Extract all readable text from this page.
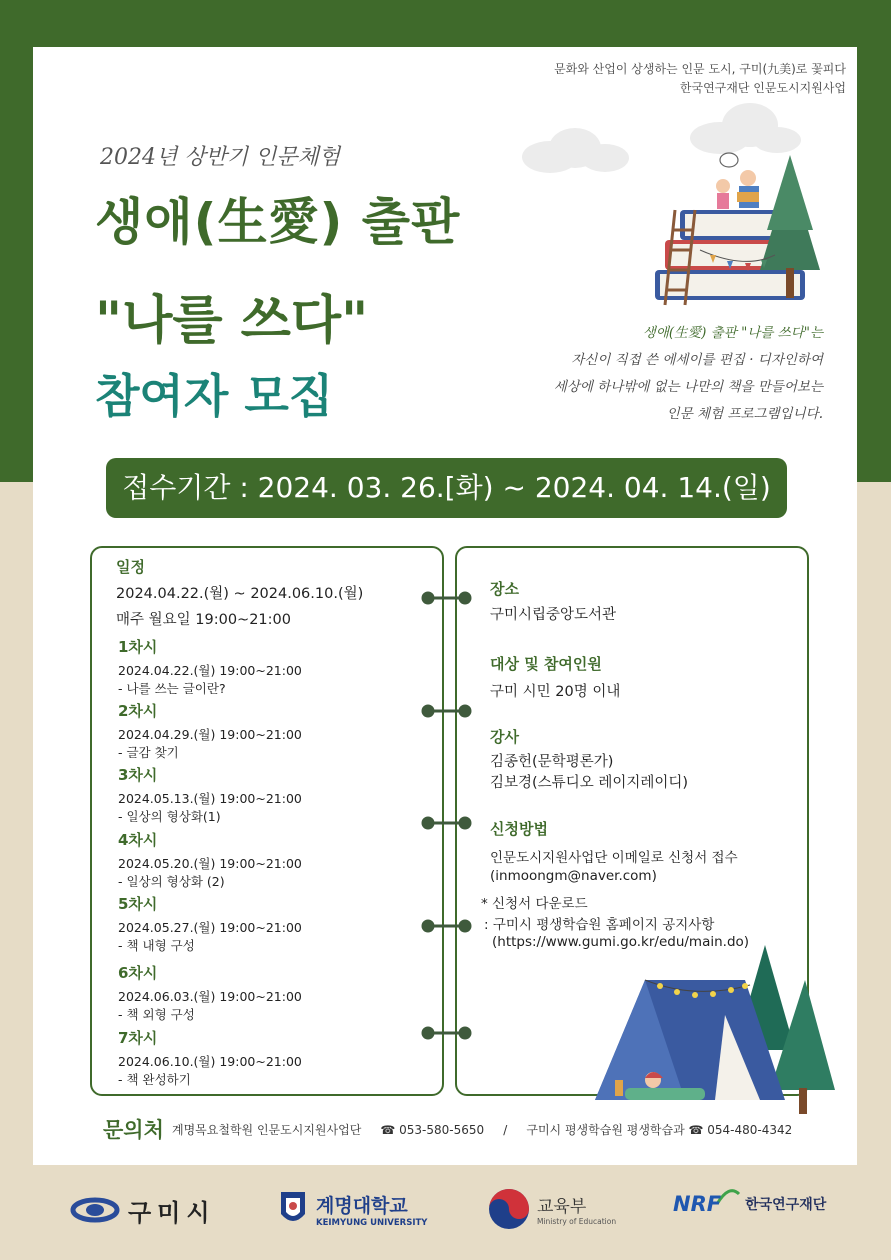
문화와 산업이 상생하는 인문 도시, 구미(九美)로 꽃피다
한국연구재단 인문도시지원사업
2024년 상반기 인문체험
생애(生愛) 출판
"나를 쓰다"
참여자 모집
생애(生愛) 출판 "나를 쓰다"는
자신이 직접 쓴 에세이를 편집 · 디자인하여
세상에 하나밖에 없는 나만의 책을 만들어보는
인문 체험 프로그램입니다.
접수기간 : 2024. 03. 26.[화) ~ 2024. 04. 14.(일)
일정
2024.04.22.(월) ~ 2024.06.10.(월)
매주 월요일 19:00~21:00
1차시
2024.04.22.(월) 19:00~21:00
- 나를 쓰는 글이란?
2차시
2024.04.29.(월) 19:00~21:00
- 글감 찾기
3차시
2024.05.13.(월) 19:00~21:00
- 일상의 형상화(1)
4차시
2024.05.20.(월) 19:00~21:00
- 일상의 형상화 (2)
5차시
2024.05.27.(월) 19:00~21:00
- 책 내형 구성
6차시
2024.06.03.(월) 19:00~21:00
- 책 외형 구성
7차시
2024.06.10.(월) 19:00~21:00
- 책 완성하기
장소
구미시립중앙도서관
대상 및 참여인원
구미 시민 20명 이내
강사
김종헌(문학평론가)
김보경(스튜디오 레이지레이디)
신청방법
인문도시지원사업단 이메일로 신청서 접수
(inmoongm@naver.com)
* 신청서 다운로드
: 구미시 평생학습원 홈페이지 공지사항
(https://www.gumi.go.kr/edu/main.do)
문의처 계명목요철학원 인문도시지원사업단 ☎ 053-580-5650 / 구미시 평생학습원 평생학습과 ☎ 054-480-4342
구미시	계명대학교
KEIMYUNG UNIVERSITY
교육부
Ministry of Education
NRF 한국연구재단
